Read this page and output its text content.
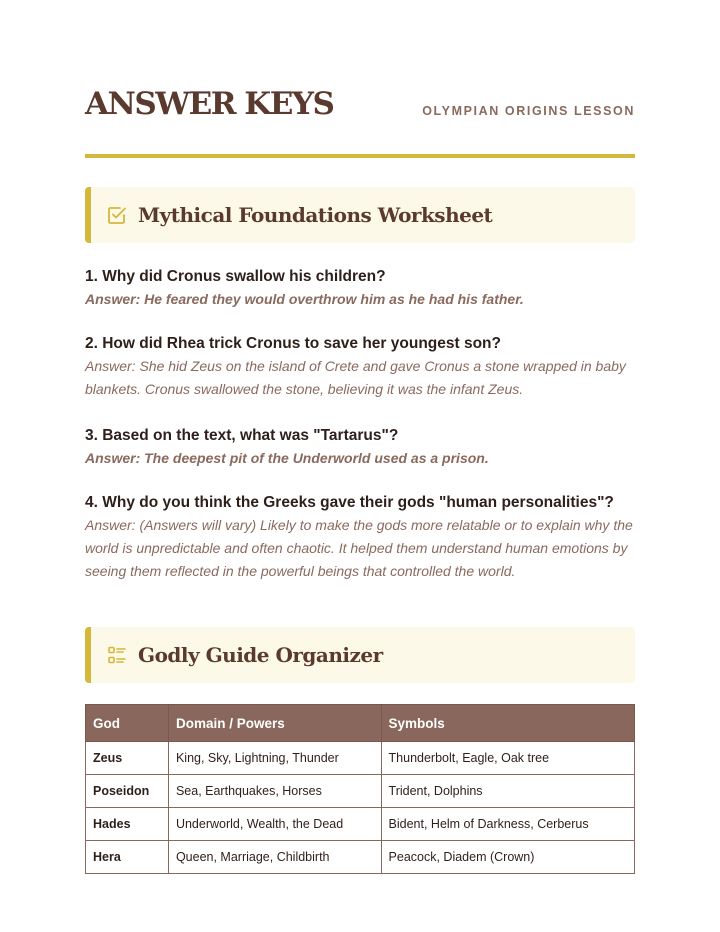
ANSWER KEYS	OLYMPIAN ORIGINS LESSON
Mythical Foundations Worksheet

1. Why did Cronus swallow his children?

Answer: He feared they would overthrow him as he had his father.

2. How did Rhea trick Cronus to save her youngest son?

Answer: She hid Zeus on the island of Crete and gave Cronus a stone wrapped in baby

blankets. Cronus swallowed the stone, believing it was the infant Zeus.

3. Based on the text, what was "Tartarus"?

Answer: The deepest pit of the Underworld used as a prison.

4. Why do you think the Greeks gave their gods "human personalities"?

Answer: (Answers will vary) Likely to make the gods more relatable or to explain why the

world is unpredictable and often chaotic. It helped them understand human emotions by

seeing them reflected in the powerful beings that controlled the world.

Godly Guide Organizer
God	Domain / Powers	Symbols
Zeus	King, Sky, Lightning, Thunder	Thunderbolt, Eagle, Oak tree
Poseidon	Sea, Earthquakes, Horses	Trident, Dolphins
Hades	Underworld, Wealth, the Dead	Bident, Helm of Darkness, Cerberus
Hera	Queen, Marriage, Childbirth	Peacock, Diadem (Crown)
